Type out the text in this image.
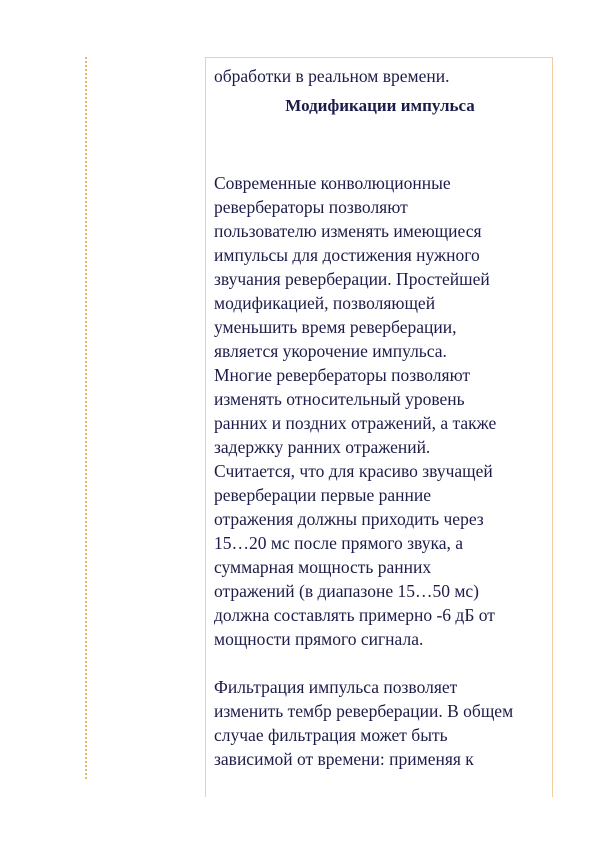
обработки в реальном времени.
Модификации импульса
Современные конволюционные
ревербераторы позволяют
пользователю изменять имеющиеся
импульсы для достижения нужного
звучания реверберации. Простейшей
модификацией, позволяющей
уменьшить время реверберации,
является укорочение импульса.
Многие ревербераторы позволяют
изменять относительный уровень
ранних и поздних отражений, а также
задержку ранних отражений.
Считается, что для красиво звучащей
реверберации первые ранние
отражения должны приходить через
15…20 мс после прямого звука, а
суммарная мощность ранних
отражений (в диапазоне 15…50 мс)
должна составлять примерно -6 дБ от
мощности прямого сигнала.
Фильтрация импульса позволяет
изменить тембр реверберации. В общем
случае фильтрация может быть
зависимой от времени: применяя к
